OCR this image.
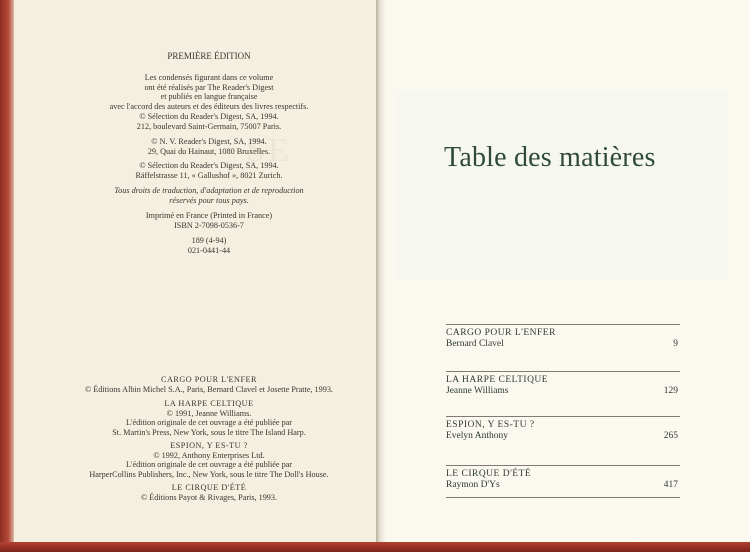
SE
PREMIÈRE ÉDITION
Les condensés figurant dans ce volume
ont été réalisés par The Reader's Digest
et publiés en langue française
avec l'accord des auteurs et des éditeurs des livres respectifs.
© Sélection du Reader's Digest, SA, 1994.
212, boulevard Saint-Germain, 75007 Paris.
© N. V. Reader's Digest, SA, 1994.
29, Quai du Hainaut, 1080 Bruxelles.
© Sélection du Reader's Digest, SA, 1994.
Räffelstrasse 11, « Gallushof », 8021 Zurich.
Tous droits de traduction, d'adaptation et de reproduction
réservés pour tous pays.
Imprimé en France (Printed in France)
ISBN 2-7098-0536-7
189 (4-94)
021-0441-44
CARGO POUR L'ENFER
© Éditions Albin Michel S.A., Paris, Bernard Clavel et Josette Pratte, 1993.
LA HARPE CELTIQUE
© 1991, Jeanne Williams.
L'édition originale de cet ouvrage a été publiée par
St. Martin's Press, New York, sous le titre The Island Harp.
ESPION, Y ES-TU ?
© 1992, Anthony Enterprises Ltd.
L'édition originale de cet ouvrage a été publiée par
HarperCollins Publishers, Inc., New York, sous le titre The Doll's House.
LE CIRQUE D'ÉTÉ
© Éditions Payot & Rivages, Paris, 1993.
Table des matières
CARGO POUR L'ENFER
Bernard Clavel	9
LA HARPE CELTIQUE
Jeanne Williams	129
ESPION, Y ES-TU ?
Evelyn Anthony	265
LE CIRQUE D'ÉTÉ
Raymon D'Ys	417
